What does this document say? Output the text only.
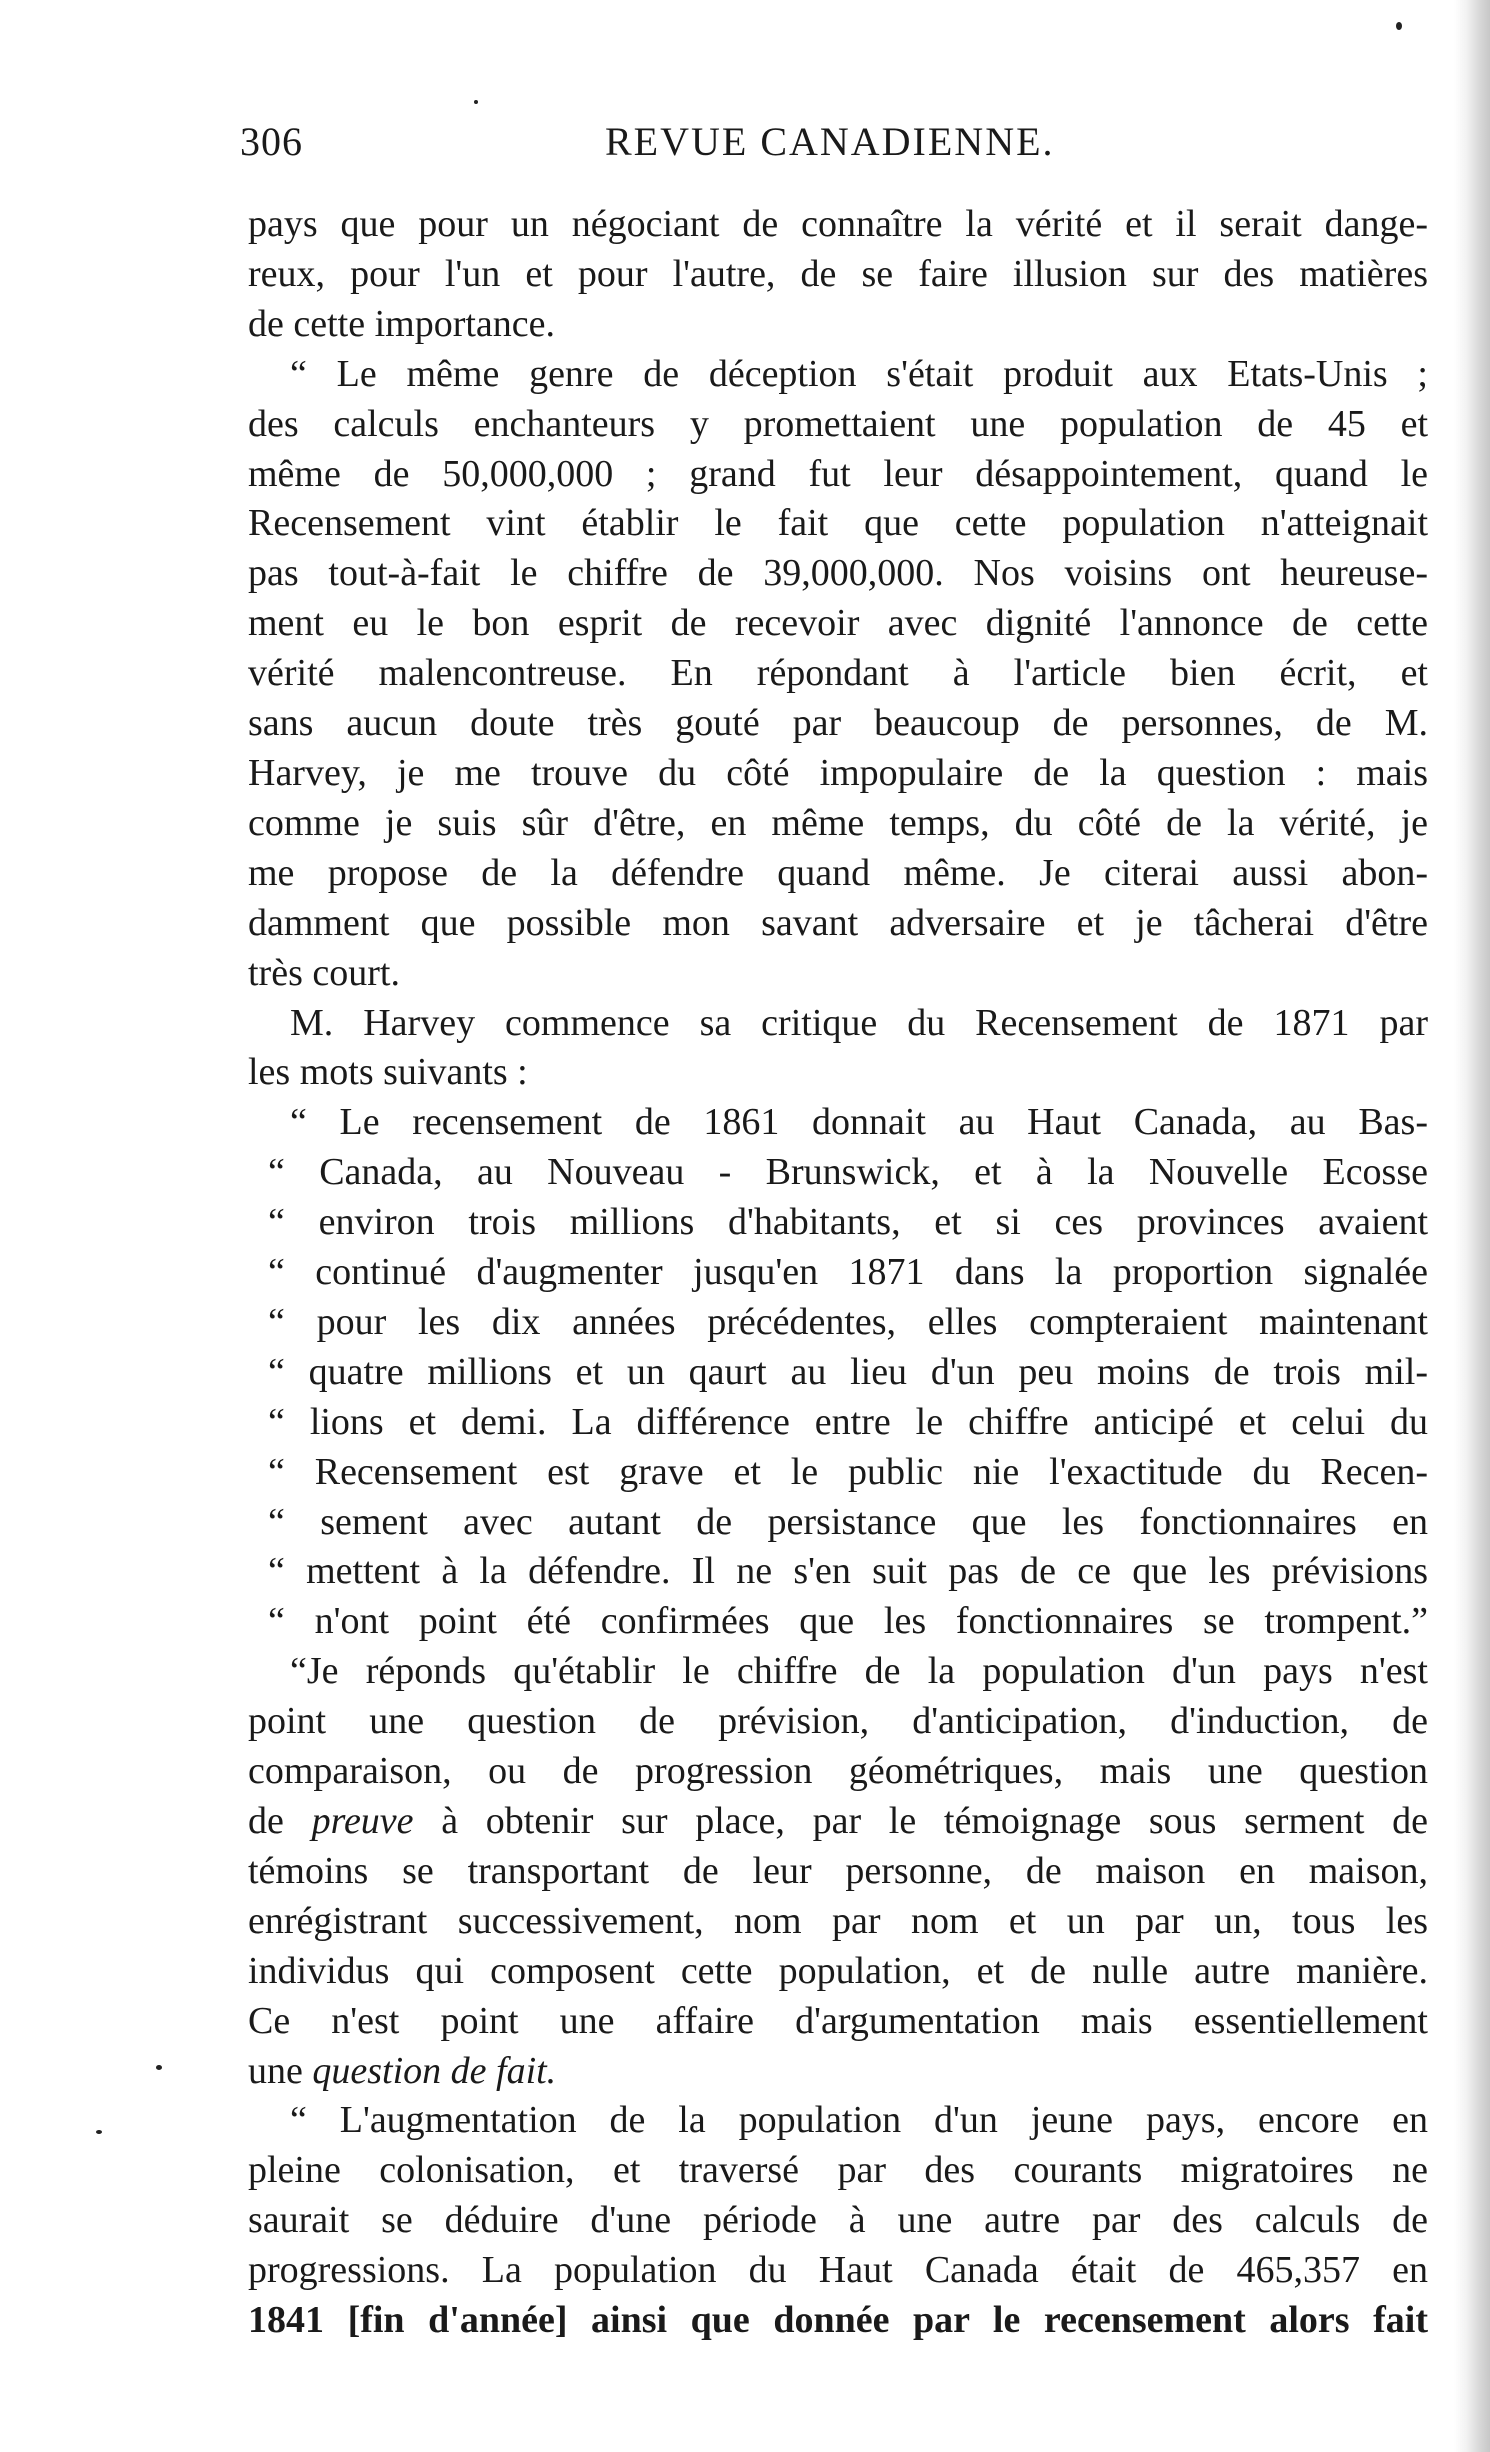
306	REVUE CANADIENNE.
pays que pour un négociant de connaître la vérité et il serait dange-
reux, pour l'un et pour l'autre, de se faire illusion sur des matières
de cette importance.
“ Le même genre de déception s'était produit aux Etats-Unis ;
des calculs enchanteurs y promettaient une population de 45 et
même de 50,000,000 ; grand fut leur désappointement, quand le
Recensement vint établir le fait que cette population n'atteignait
pas tout-à-fait le chiffre de 39,000,000. Nos voisins ont heureuse-
ment eu le bon esprit de recevoir avec dignité l'annonce de cette
vérité malencontreuse. En répondant à l'article bien écrit, et
sans aucun doute très gouté par beaucoup de personnes, de M.
Harvey, je me trouve du côté impopulaire de la question : mais
comme je suis sûr d'être, en même temps, du côté de la vérité, je
me propose de la défendre quand même. Je citerai aussi abon-
damment que possible mon savant adversaire et je tâcherai d'être
très court.
M. Harvey commence sa critique du Recensement de 1871 par
les mots suivants :
“ Le recensement de 1861 donnait au Haut Canada, au Bas-
“ Canada, au Nouveau - Brunswick, et à la Nouvelle Ecosse
“ environ trois millions d'habitants, et si ces provinces avaient
“ continué d'augmenter jusqu'en 1871 dans la proportion signalée
“ pour les dix années précédentes, elles compteraient maintenant
“ quatre millions et un qaurt au lieu d'un peu moins de trois mil-
“ lions et demi. La différence entre le chiffre anticipé et celui du
“ Recensement est grave et le public nie l'exactitude du Recen-
“ sement avec autant de persistance que les fonctionnaires en
“ mettent à la défendre. Il ne s'en suit pas de ce que les prévisions
“ n'ont point été confirmées que les fonctionnaires se trompent.”
“Je réponds qu'établir le chiffre de la population d'un pays n'est
point une question de prévision, d'anticipation, d'induction, de
comparaison, ou de progression géométriques, mais une question
de preuve à obtenir sur place, par le témoignage sous serment de
témoins se transportant de leur personne, de maison en maison,
enrégistrant successivement, nom par nom et un par un, tous les
individus qui composent cette population, et de nulle autre manière.
Ce n'est point une affaire d'argumentation mais essentiellement
une question de fait.
“ L'augmentation de la population d'un jeune pays, encore en
pleine colonisation, et traversé par des courants migratoires ne
saurait se déduire d'une période à une autre par des calculs de
progressions. La population du Haut Canada était de 465,357 en
1841 [fin d'année] ainsi que donnée par le recensement alors fait
